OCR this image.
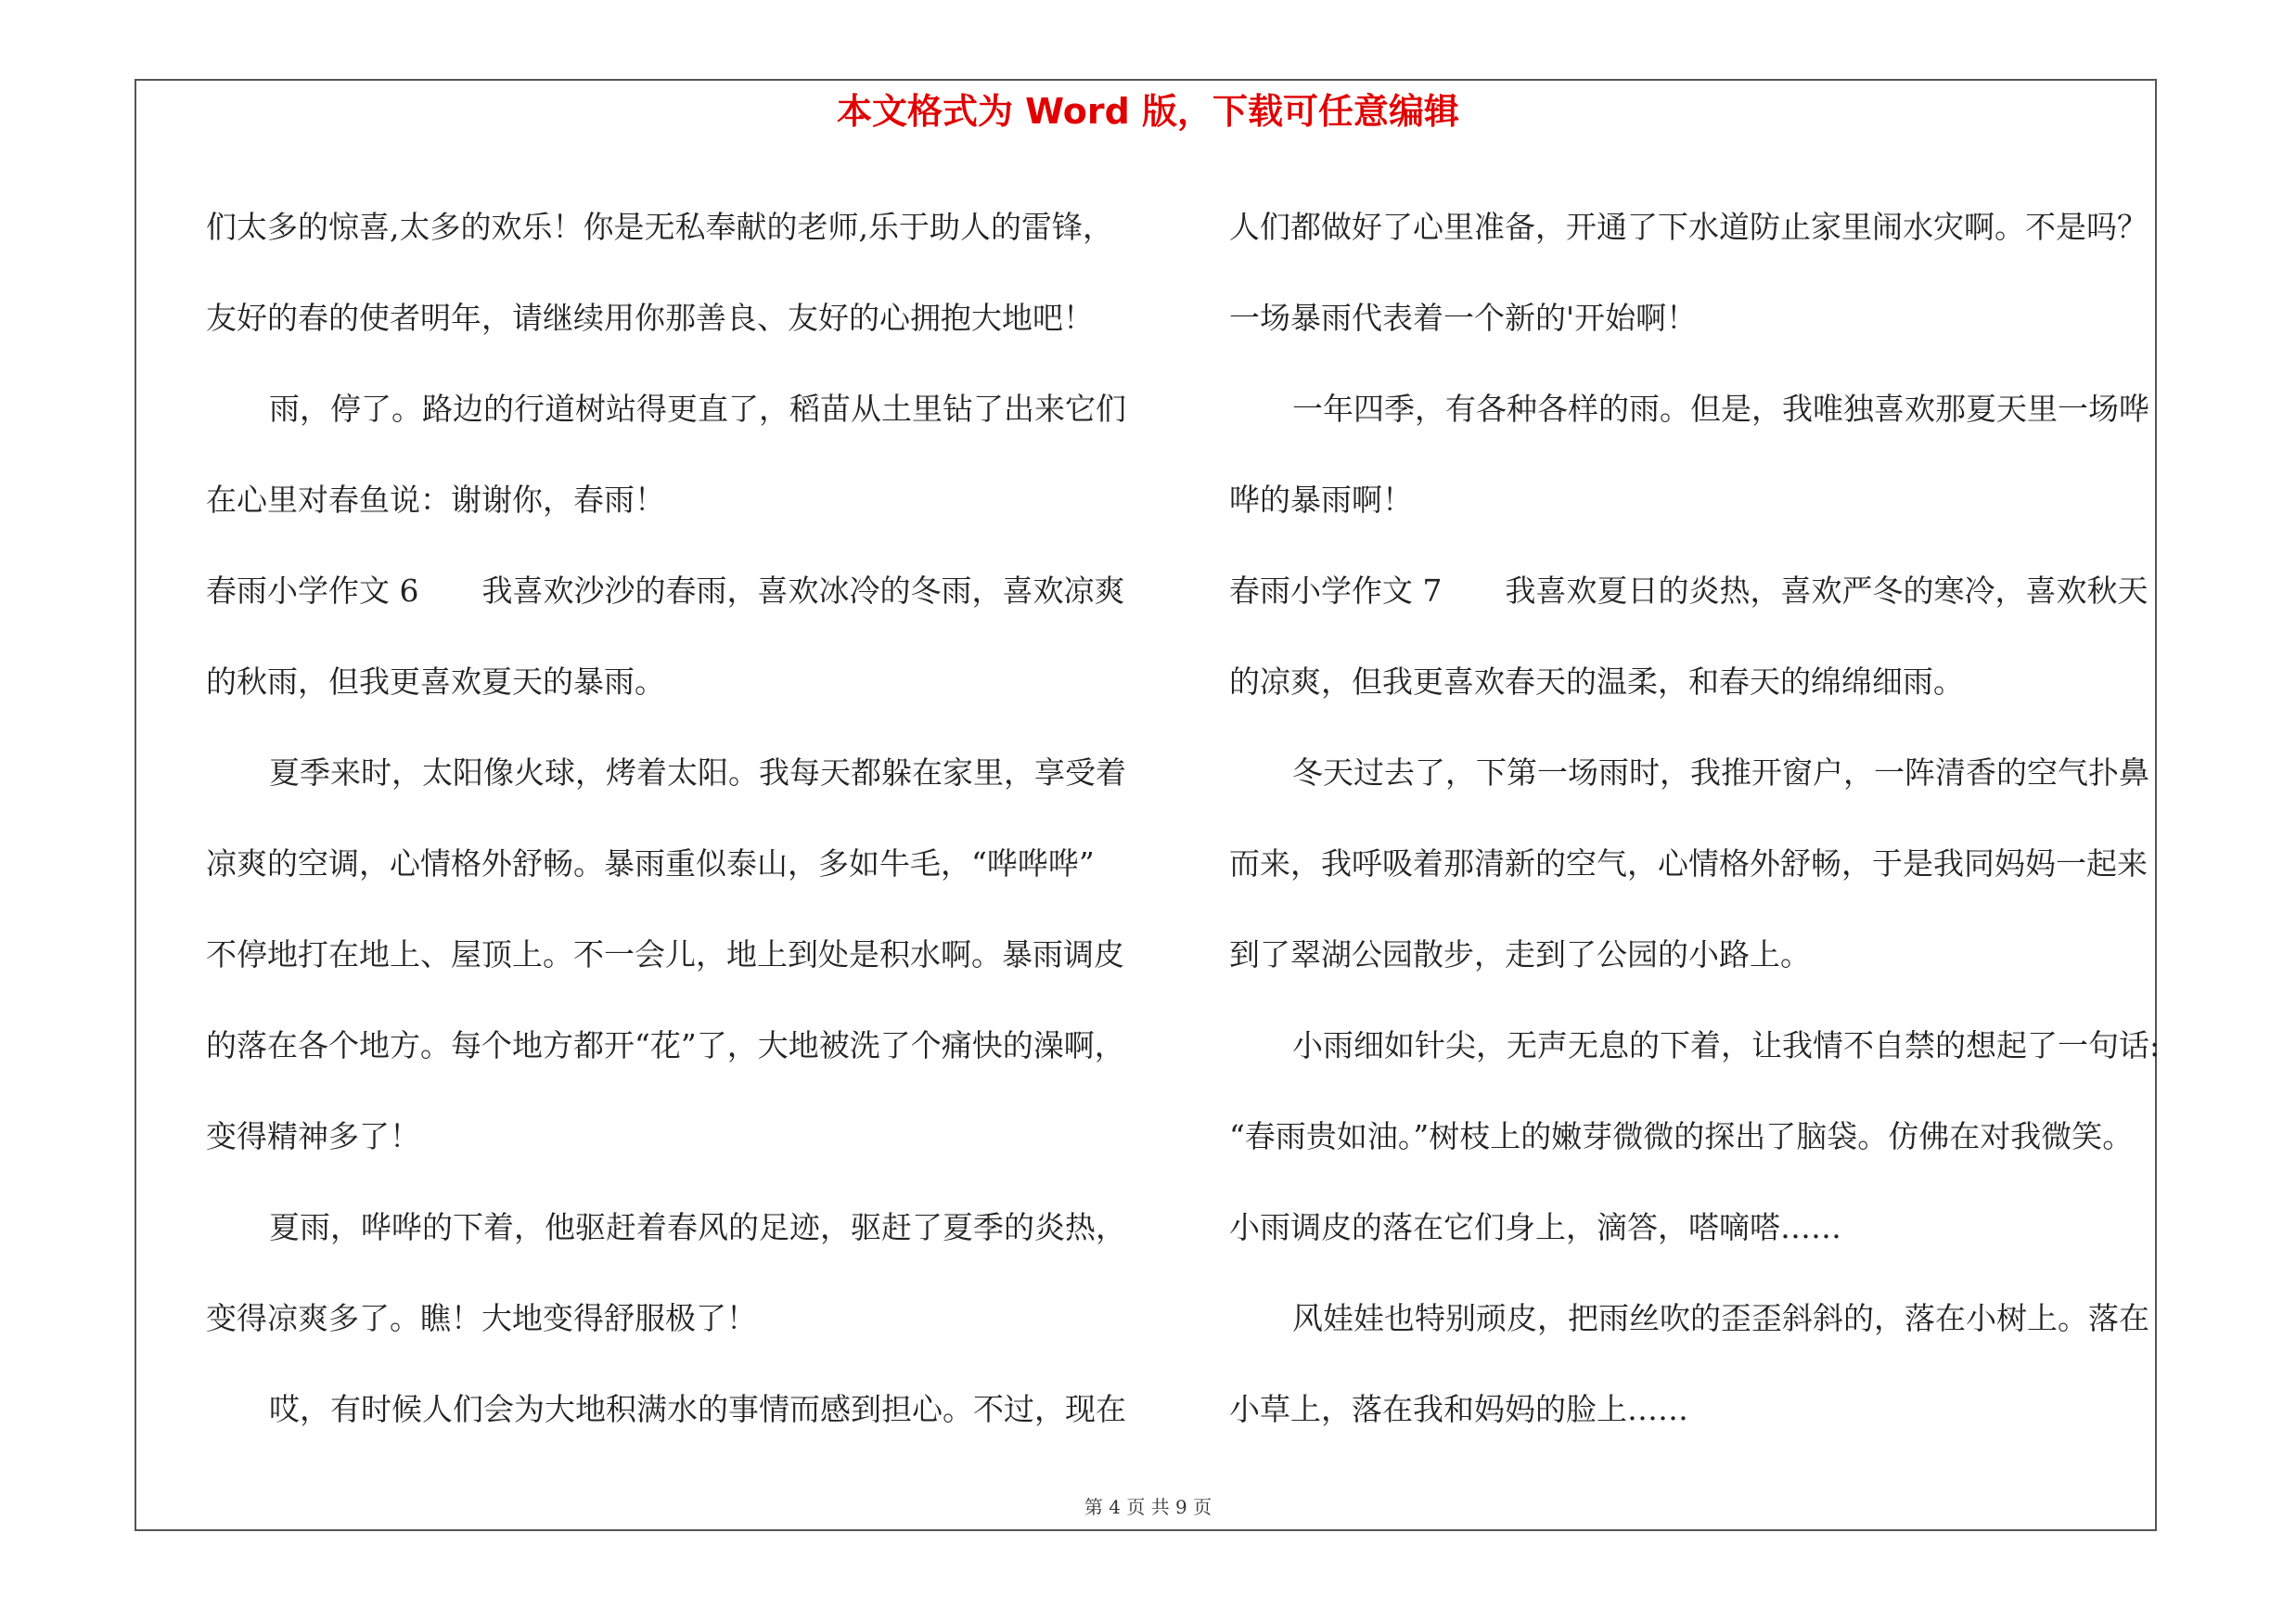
本文格式为 Word 版，下载可任意编辑
们太多的惊喜,太多的欢乐！你是无私奉献的老师,乐于助人的雷锋，
友好的春的使者明年，请继续用你那善良、友好的心拥抱大地吧！
雨，停了。路边的行道树站得更直了，稻苗从土里钻了出来它们
在心里对春鱼说：谢谢你，春雨！
春雨小学作文 6 我喜欢沙沙的春雨，喜欢冰冷的冬雨，喜欢凉爽
的秋雨，但我更喜欢夏天的暴雨。
夏季来时，太阳像火球，烤着太阳。我每天都躲在家里，享受着
凉爽的空调，心情格外舒畅。暴雨重似泰山，多如牛毛，“哗哗哗”
不停地打在地上、屋顶上。不一会儿，地上到处是积水啊。暴雨调皮
的落在各个地方。每个地方都开“花”了，大地被洗了个痛快的澡啊，
变得精神多了！
夏雨，哗哗的下着，他驱赶着春风的足迹，驱赶了夏季的炎热，
变得凉爽多了。瞧！大地变得舒服极了！
哎，有时候人们会为大地积满水的事情而感到担心。不过，现在
人们都做好了心里准备，开通了下水道防止家里闹水灾啊。不是吗？
一场暴雨代表着一个新的'开始啊！
一年四季，有各种各样的雨。但是，我唯独喜欢那夏天里一场哗
哗的暴雨啊！
春雨小学作文 7 我喜欢夏日的炎热，喜欢严冬的寒冷，喜欢秋天
的凉爽，但我更喜欢春天的温柔，和春天的绵绵细雨。
冬天过去了，下第一场雨时，我推开窗户，一阵清香的空气扑鼻
而来，我呼吸着那清新的空气，心情格外舒畅，于是我同妈妈一起来
到了翠湖公园散步，走到了公园的小路上。
小雨细如针尖，无声无息的下着，让我情不自禁的想起了一句话:
“春雨贵如油。”树枝上的嫩芽微微的探出了脑袋。仿佛在对我微笑。
小雨调皮的落在它们身上，滴答，嗒嘀嗒……
风娃娃也特别顽皮，把雨丝吹的歪歪斜斜的，落在小树上。落在
小草上，落在我和妈妈的脸上……
第 4 页 共 9 页
